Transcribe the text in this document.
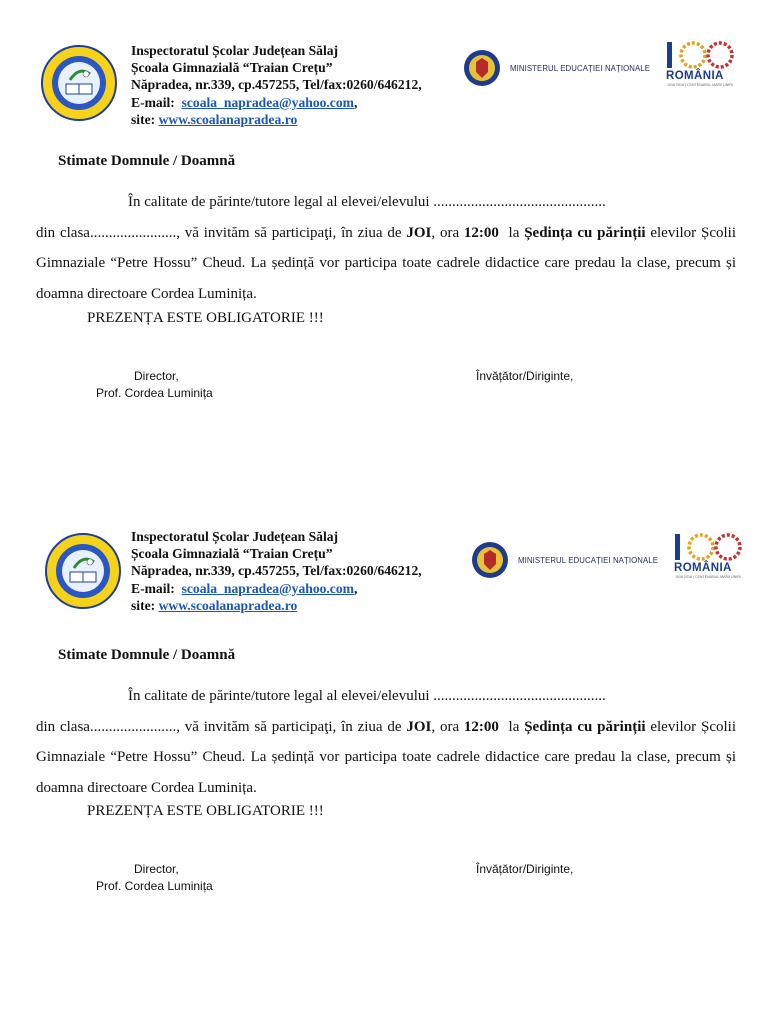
Inspectoratul Școlar Județean Sălaj
Școala Gimnazială “Traian Crețu”
Năpradea, nr.339, cp.457255, Tel/fax:0260/646212,
E-mail: scoala_napradea@yahoo.com,
site: www.scoalanapradea.ro
MINISTERUL EDUCAȚIEI NAȚIONALE
ROMÂNIA
1918 2018 | CENTENARUL MARII UNIRI
Stimate Domnule / Doamnă

În calitate de părinte/tutore legal al elevei/elevului ..............................................

din clasa......................., vă invităm să participaţi, în ziua de JOI, ora 12:00  la Ședința cu părinții elevilor Școlii Gimnaziale “Petre Hossu” Cheud. La ședință vor participa toate cadrele didactice care predau la clase, precum și doamna directoare Cordea Luminița.

PREZENȚA ESTE OBLIGATORIE !!!
Director,
Prof. Cordea Luminița
Învățător/Diriginte,
Inspectoratul Școlar Județean Sălaj
Școala Gimnazială “Traian Crețu”
Năpradea, nr.339, cp.457255, Tel/fax:0260/646212,
E-mail: scoala_napradea@yahoo.com,
site: www.scoalanapradea.ro
MINISTERUL EDUCAȚIEI NAȚIONALE
ROMÂNIA
1918 2018 | CENTENARUL MARII UNIRI
Stimate Domnule / Doamnă

În calitate de părinte/tutore legal al elevei/elevului ..............................................

din clasa......................., vă invităm să participaţi, în ziua de JOI, ora 12:00  la Ședința cu părinții elevilor Școlii Gimnaziale “Petre Hossu” Cheud. La ședință vor participa toate cadrele didactice care predau la clase, precum și doamna directoare Cordea Luminița.

PREZENȚA ESTE OBLIGATORIE !!!
Director,
Prof. Cordea Luminița
Învățător/Diriginte,
